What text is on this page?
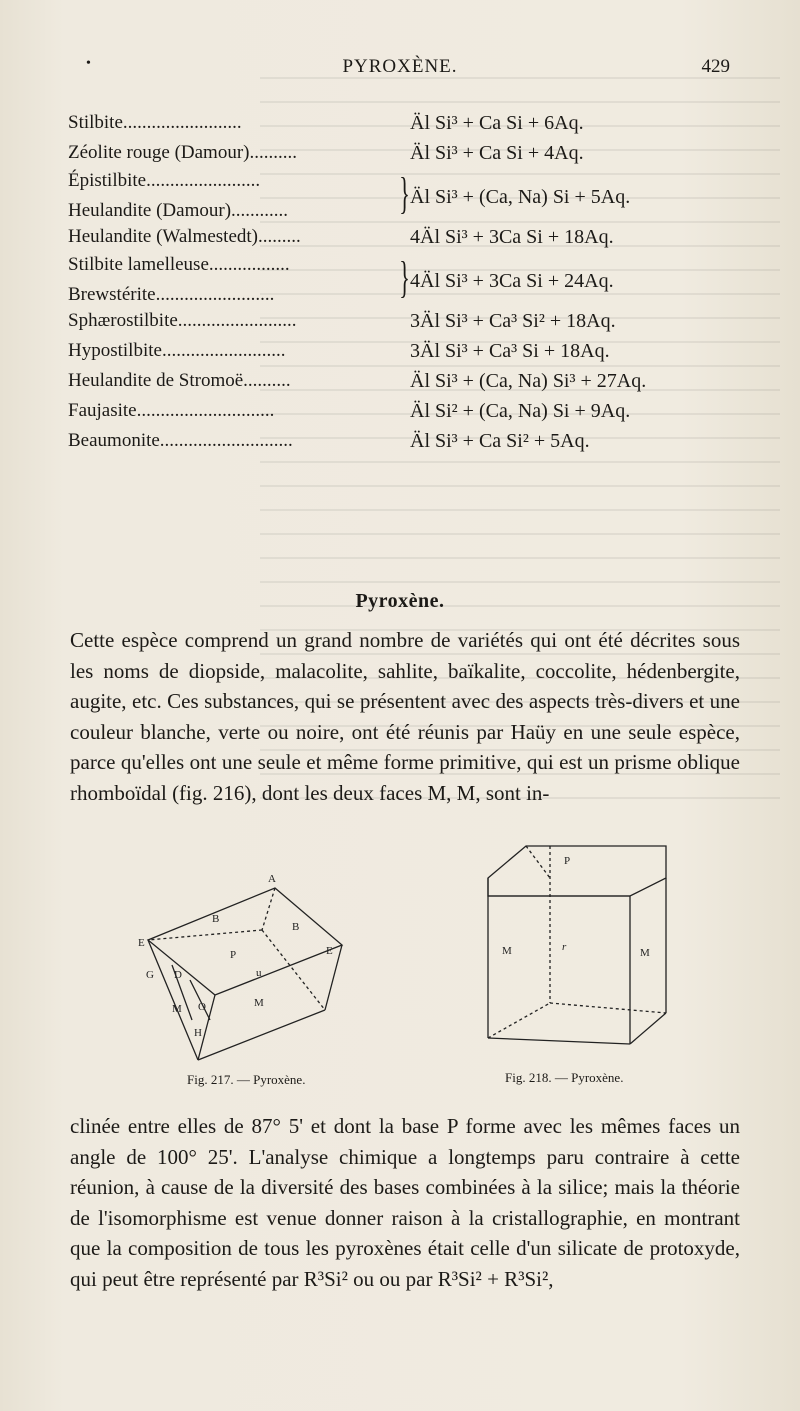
•	PYROXÈNE.	429
Stilbite.........................	Äl Si³ + Ca Si + 6Aq.
Zéolite rouge (Damour)..........	Äl Si³ + Ca Si + 4Aq.
Épistilbite........................
Heulandite (Damour)............	} Äl Si³ + (Ca, Na) Si + 5Aq.
Heulandite (Walmestedt).........	4Äl Si³ + 3Ca Si + 18Aq.
Stilbite lamelleuse.................
Brewstérite.........................	} 4Äl Si³ + 3Ca Si + 24Aq.
Sphærostilbite.........................	3Äl Si³ + Ca³ Si² + 18Aq.
Hypostilbite..........................	3Äl Si³ + Ca³ Si + 18Aq.
Heulandite de Stromoë..........	Äl Si³ + (Ca, Na) Si³ + 27Aq.
Faujasite.............................	Äl Si² + (Ca, Na) Si + 9Aq.
Beaumonite............................	Äl Si³ + Ca Si² + 5Aq.
Pyroxène.

Cette espèce comprend un grand nombre de variétés qui ont été décrites sous les noms de diopside, malacolite, sahlite, baïkalite, coccolite, hédenbergite, augite, etc. Ces substances, qui se présentent avec des aspects très-divers et une couleur blanche, verte ou noire, ont été réunis par Haüy en une seule espèce, parce qu'elles ont une seule et même forme primitive, qui est un prisme oblique rhomboïdal (fig. 216), dont les deux faces M, M, sont in-

A
B
B
E
E
P
u
G D
M O	M
H
Fig. 217. — Pyroxène.
P
M	r	M
Fig. 218. — Pyroxène.

clinée entre elles de 87° 5' et dont la base P forme avec les mêmes faces un angle de 100° 25'. L'analyse chimique a longtemps paru contraire à cette réunion, à cause de la diversité des bases combinées à la silice; mais la théorie de l'isomorphisme est venue donner raison à la cristallographie, en montrant que la composition de tous les pyroxènes était celle d'un silicate de protoxyde, qui peut être représenté par R³Si² ou ou par R³Si² + R³Si²,
